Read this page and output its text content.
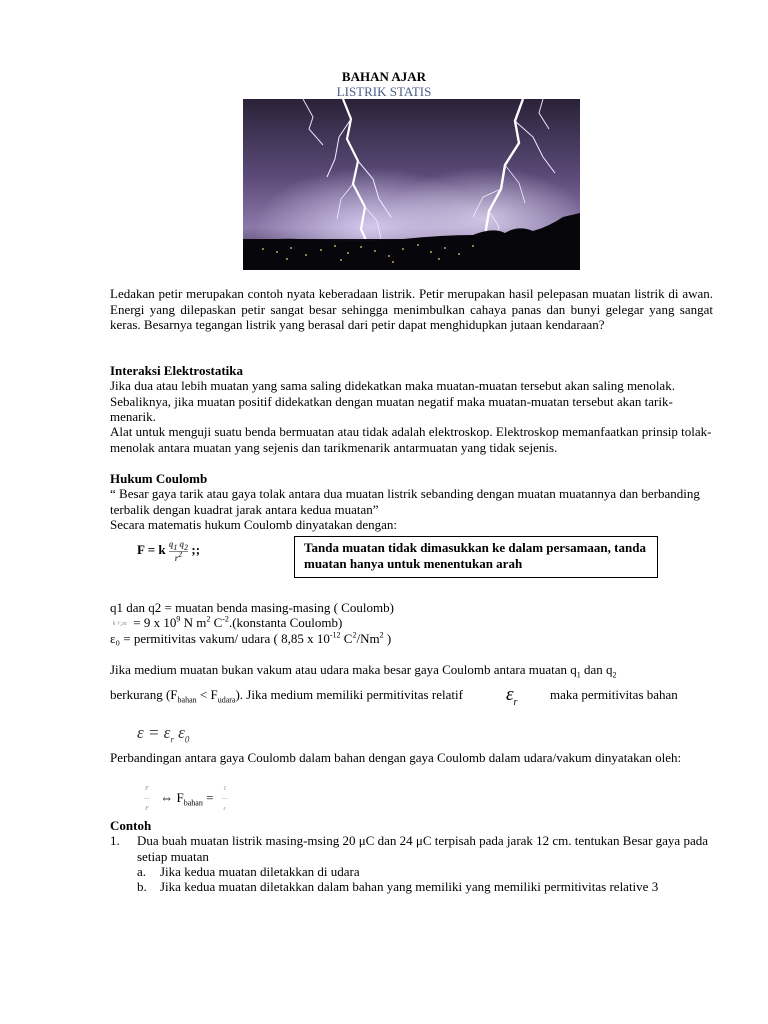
BAHAN AJAR
LISTRIK STATIS
Ledakan petir merupakan contoh nyata keberadaan listrik. Petir merupakan hasil pelepasan muatan listrik di awan. Energi yang dilepaskan petir sangat besar sehingga menimbulkan cahaya panas dan bunyi gelegar yang sangat keras. Besarnya tegangan listrik yang berasal dari petir dapat menghidupkan jutaan kendaraan?
Interaksi Elektrostatika
Jika dua atau lebih muatan yang sama saling didekatkan maka muatan-muatan tersebut akan saling menolak. Sebaliknya, jika muatan positif didekatkan dengan muatan negatif maka muatan-muatan tersebut akan tarik-menarik.
Alat untuk menguji suatu benda bermuatan atau tidak adalah elektroskop. Elektroskop memanfaatkan prinsip tolak-menolak antara muatan yang sejenis dan tarikmenarik antarmuatan yang tidak sejenis.
Hukum Coulomb
“ Besar gaya tarik atau gaya tolak antara dua muatan listrik sebanding dengan muatan muatannya dan berbanding terbalik dengan kuadrat jarak antara kedua muatan”
Secara matematis hukum Coulomb dinyatakan dengan:
F = k $\frac{q_1 q_2}{r^2}$ ;;	Tanda muatan tidak dimasukkan ke dalam persamaan, tanda muatan hanya untuk menentukan arah
q1 dan q2 = muatan benda masing-masing ( Coulomb)
k ¹⁄₄πε = 9 x $10^9$ N $m^2$ $C^{-2}.(konstanta$ Coulomb)
ε₀ = permitivitas vakum/ udara ( 8,85 x $10^{-12}$ $C^2/Nm^2$ )
Jika medium muatan bukan vakum atau udara maka besar gaya Coulomb antara muatan $q_1$ dan $q_2$
berkurang $(F_{bahan} < F_{udara})$. Jika medium memiliki permitivitas relatif	$\varepsilon_r$
maka permitivitas bahan
$\varepsilon = \varepsilon_r$ $\varepsilon_0$
Perbandingan antara gaya Coulomb dalam bahan dengan gaya Coulomb dalam udara/vakum dinyatakan oleh:
F
—
F ⇔ $F_{bahan} = 1$
—
ε
Contoh
1. Dua buah muatan listrik masing-msing 20 μC dan 24 μC terpisah pada jarak 12 cm. tentukan Besar gaya pada setiap muatan
a. Jika kedua muatan diletakkan di udara
b. Jika kedua muatan diletakkan dalam bahan yang memiliki yang memiliki permitivitas relative 3
